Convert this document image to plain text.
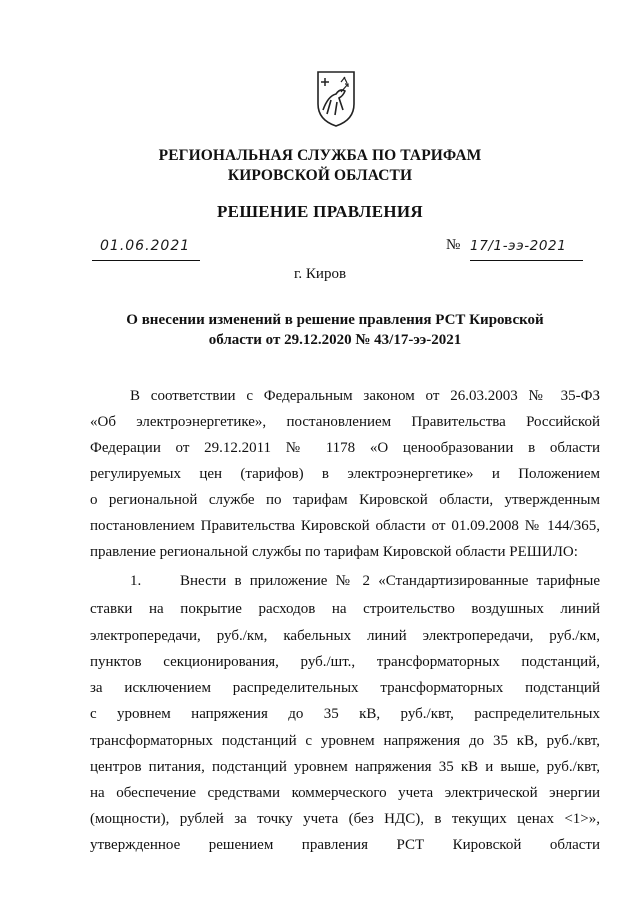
РЕГИОНАЛЬНАЯ СЛУЖБА ПО ТАРИФАМ
КИРОВСКОЙ ОБЛАСТИ
РЕШЕНИЕ ПРАВЛЕНИЯ
01.06.2021	№ 17/1-ээ-2021
г. Киров
О внесении изменений в решение правления РСТ Кировской
области от 29.12.2020 № 43/17-ээ-2021
В соответствии с Федеральным законом от 26.03.2003 № 35-ФЗ
«Об электроэнергетике», постановлением Правительства Российской
Федерации от 29.12.2011 № 1178 «О ценообразовании в области
регулируемых цен (тарифов) в электроэнергетике» и Положением
о региональной службе по тарифам Кировской области, утвержденным
постановлением Правительства Кировской области от 01.09.2008 № 144/365,
правление региональной службы по тарифам Кировской области РЕШИЛО:
1.	Внести в приложение № 2 «Стандартизированные тарифные
ставки на покрытие расходов на строительство воздушных линий
электропередачи, руб./км, кабельных линий электропередачи, руб./км,
пунктов секционирования, руб./шт., трансформаторных подстанций,
за исключением распределительных трансформаторных подстанций
с уровнем напряжения до 35 кВ, руб./квт, распределительных
трансформаторных подстанций с уровнем напряжения до 35 кВ, руб./квт,
центров питания, подстанций уровнем напряжения 35 кВ и выше, руб./квт,
на обеспечение средствами коммерческого учета электрической энергии
(мощности), рублей за точку учета (без НДС), в текущих ценах <1>»,
утвержденное решением правления РСТ Кировской области
